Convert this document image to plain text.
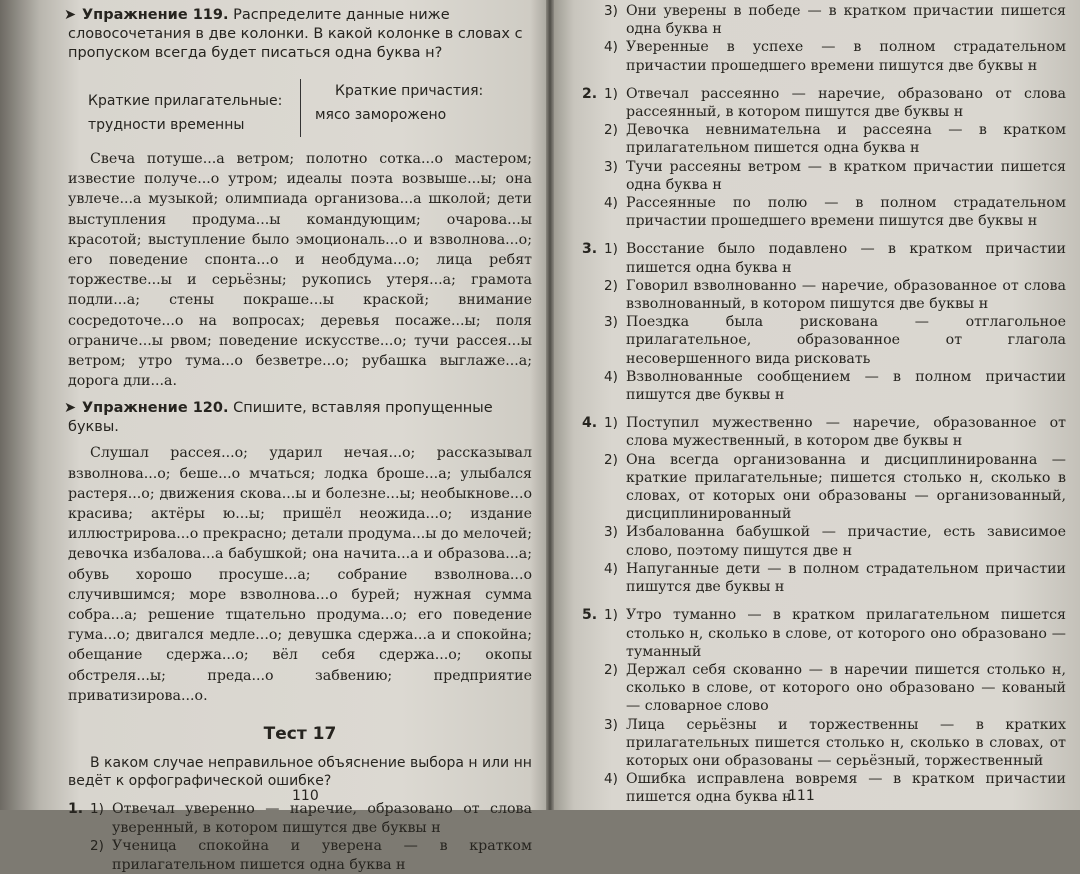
➤ Упражнение 119. Распределите данные ниже словосочетания в две колонки. В какой колонке в словах с пропуском всегда будет писаться одна буква н?

Краткие прилагательные:
трудности временны
Краткие причастия:
мясо заморожено

Свеча потуше...а ветром; полотно сотка...о мастером; известие получе...о утром; идеалы поэта возвыше...ы; она увлече...а музыкой; олимпиада организова...а школой; дети выступления продума...ы командующим; очарова...ы красотой; выступление было эмоциональ...о и взволнова...о; его поведение спонта...о и необдума...о; лица ребят торжестве...ы и серьёзны; рукопись утеря...а; грамота подли...а; стены покраше...ы краской; внимание сосредоточе...о на вопросах; деревья посаже...ы; поля ограниче...ы рвом; поведение искусстве...о; тучи рассея...ы ветром; утро тума...о безветре...о; рубашка выглаже...а; дорога дли...а.

➤ Упражнение 120. Спишите, вставляя пропущенные буквы.

Слушал рассея...о; ударил нечая...о; рассказывал взволнова...о; беше...о мчаться; лодка броше...а; улыбался растеря...о; движения скова...ы и болезне...ы; необыкнове...о красива; актёры ю...ы; пришёл неожида...о; издание иллюстрирова...о прекрасно; детали продума...ы до мелочей; девочка избалова...а бабушкой; она начита...а и образова...а; обувь хорошо просуше...а; собрание взволнова...о случившимся; море взволнова...о бурей; нужная сумма собра...а; решение тщательно продума...о; его поведение гума...о; двигался медле...о; девушка сдержа...а и спокойна; обещание сдержа...о; вёл себя сдержа...о; окопы обстреля...ы; преда...о забвению; предприятие приватизирова...о.

Тест 17

В каком случае неправильное объяснение выбора н или нн ведёт к орфографической ошибке?

1. 1) Отвечал уверенно — наречие, образовано от слова уверенный, в котором пишутся две буквы н
2) Ученица спокойна и уверена — в кратком прилагательном пишется одна буква н
110
3) Они уверены в победе — в кратком причастии пишется одна буква н
4) Уверенные в успехе — в полном страдательном причастии прошедшего времени пишутся две буквы н
2. 1) Отвечал рассеянно — наречие, образовано от слова рассеянный, в котором пишутся две буквы н
2) Девочка невнимательна и рассеяна — в кратком прилагательном пишется одна буква н
3) Тучи рассеяны ветром — в кратком причастии пишется одна буква н
4) Рассеянные по полю — в полном страдательном причастии прошедшего времени пишутся две буквы н
3. 1) Восстание было подавлено — в кратком причастии пишется одна буква н
2) Говорил взволнованно — наречие, образованное от слова взволнованный, в котором пишутся две буквы н
3) Поездка была рискована — отглагольное прилагательное, образованное от глагола несовершенного вида рисковать
4) Взволнованные сообщением — в полном причастии пишутся две буквы н
4. 1) Поступил мужественно — наречие, образованное от слова мужественный, в котором две буквы н
2) Она всегда организованна и дисциплинированна — краткие прилагательные; пишется столько н, сколько в словах, от которых они образованы — организованный, дисциплинированный
3) Избалованна бабушкой — причастие, есть зависимое слово, поэтому пишутся две н
4) Напуганные дети — в полном страдательном причастии пишутся две буквы н
5. 1) Утро туманно — в кратком прилагательном пишется столько н, сколько в слове, от которого оно образовано — туманный
2) Держал себя скованно — в наречии пишется столько н, сколько в слове, от которого оно образовано — кованый — словарное слово
3) Лица серьёзны и торжественны — в кратких прилагательных пишется столько н, сколько в словах, от которых они образованы — серьёзный, торжественный
4) Ошибка исправлена вовремя — в кратком причастии пишется одна буква н
111
